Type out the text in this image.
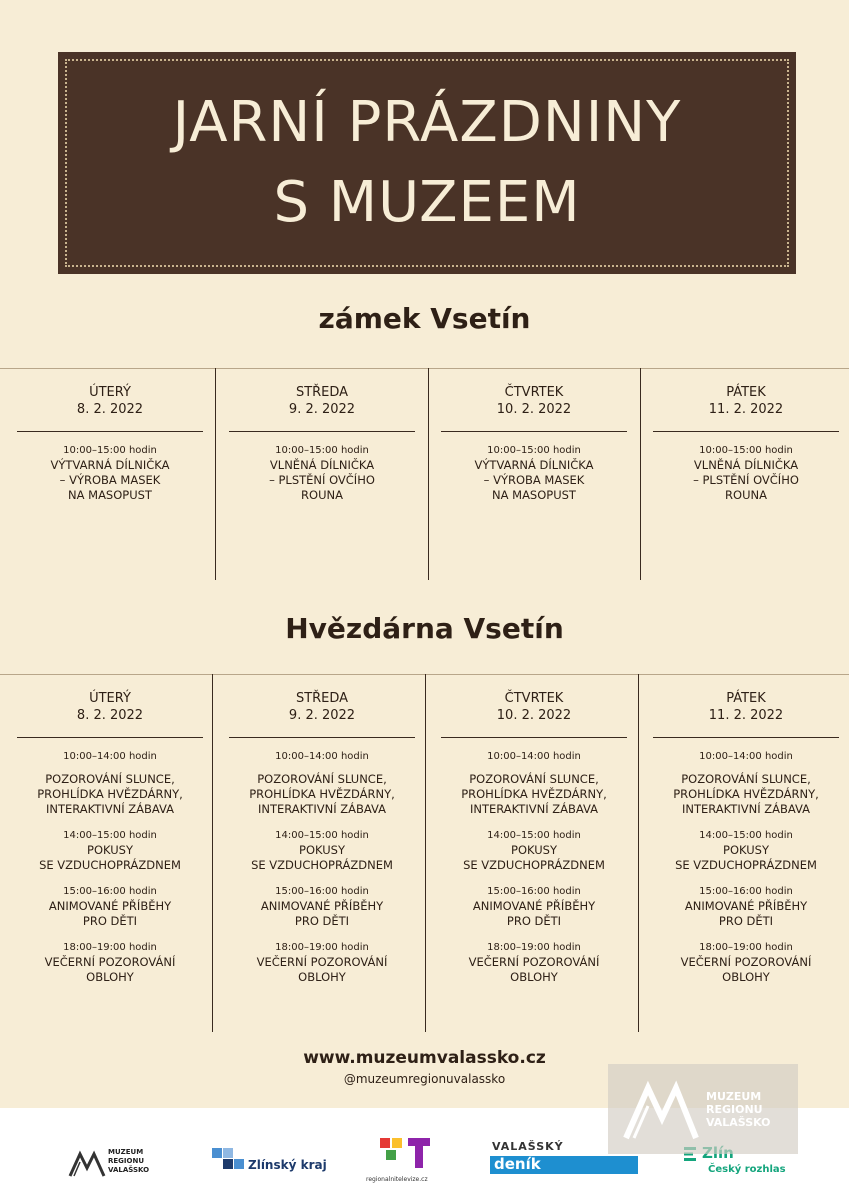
JARNÍ PRÁZDNINY
S MUZEEM
zámek Vsetín
ÚTERÝ
8. 2. 2022
10:00–15:00 hodin
VÝTVARNÁ DÍLNIČKA
– VÝROBA MASEK
NA MASOPUST
STŘEDA
9. 2. 2022
10:00–15:00 hodin
VLNĚNÁ DÍLNIČKA
– PLSTĚNÍ OVČÍHO
ROUNA
ČTVRTEK
10. 2. 2022
10:00–15:00 hodin
VÝTVARNÁ DÍLNIČKA
– VÝROBA MASEK
NA MASOPUST
PÁTEK
11. 2. 2022
10:00–15:00 hodin
VLNĚNÁ DÍLNIČKA
– PLSTĚNÍ OVČÍHO
ROUNA
Hvězdárna Vsetín
ÚTERÝ
8. 2. 2022
10:00–14:00 hodin
POZOROVÁNÍ SLUNCE,
PROHLÍDKA HVĚZDÁRNY,
INTERAKTIVNÍ ZÁBAVA
14:00–15:00 hodin
POKUSY
SE VZDUCHOPRÁZDNEM
15:00–16:00 hodin
ANIMOVANÉ PŘÍBĚHY
PRO DĚTI
18:00–19:00 hodin
VEČERNÍ POZOROVÁNÍ
OBLOHY
STŘEDA
9. 2. 2022
10:00–14:00 hodin
POZOROVÁNÍ SLUNCE,
PROHLÍDKA HVĚZDÁRNY,
INTERAKTIVNÍ ZÁBAVA
14:00–15:00 hodin
POKUSY
SE VZDUCHOPRÁZDNEM
15:00–16:00 hodin
ANIMOVANÉ PŘÍBĚHY
PRO DĚTI
18:00–19:00 hodin
VEČERNÍ POZOROVÁNÍ
OBLOHY
ČTVRTEK
10. 2. 2022
10:00–14:00 hodin
POZOROVÁNÍ SLUNCE,
PROHLÍDKA HVĚZDÁRNY,
INTERAKTIVNÍ ZÁBAVA
14:00–15:00 hodin
POKUSY
SE VZDUCHOPRÁZDNEM
15:00–16:00 hodin
ANIMOVANÉ PŘÍBĚHY
PRO DĚTI
18:00–19:00 hodin
VEČERNÍ POZOROVÁNÍ
OBLOHY
PÁTEK
11. 2. 2022
10:00–14:00 hodin
POZOROVÁNÍ SLUNCE,
PROHLÍDKA HVĚZDÁRNY,
INTERAKTIVNÍ ZÁBAVA
14:00–15:00 hodin
POKUSY
SE VZDUCHOPRÁZDNEM
15:00–16:00 hodin
ANIMOVANÉ PŘÍBĚHY
PRO DĚTI
18:00–19:00 hodin
VEČERNÍ POZOROVÁNÍ
OBLOHY
www.muzeumvalassko.cz
@muzeumregionuvalassko
MUZEUM
REGIONU
VALAŠSKO	Zlínský kraj
regionalnitelevize.cz
VALAŠSKÝ
deník	Český rozhlas
MUZEUM
REGIONU
VALAŠSKO
